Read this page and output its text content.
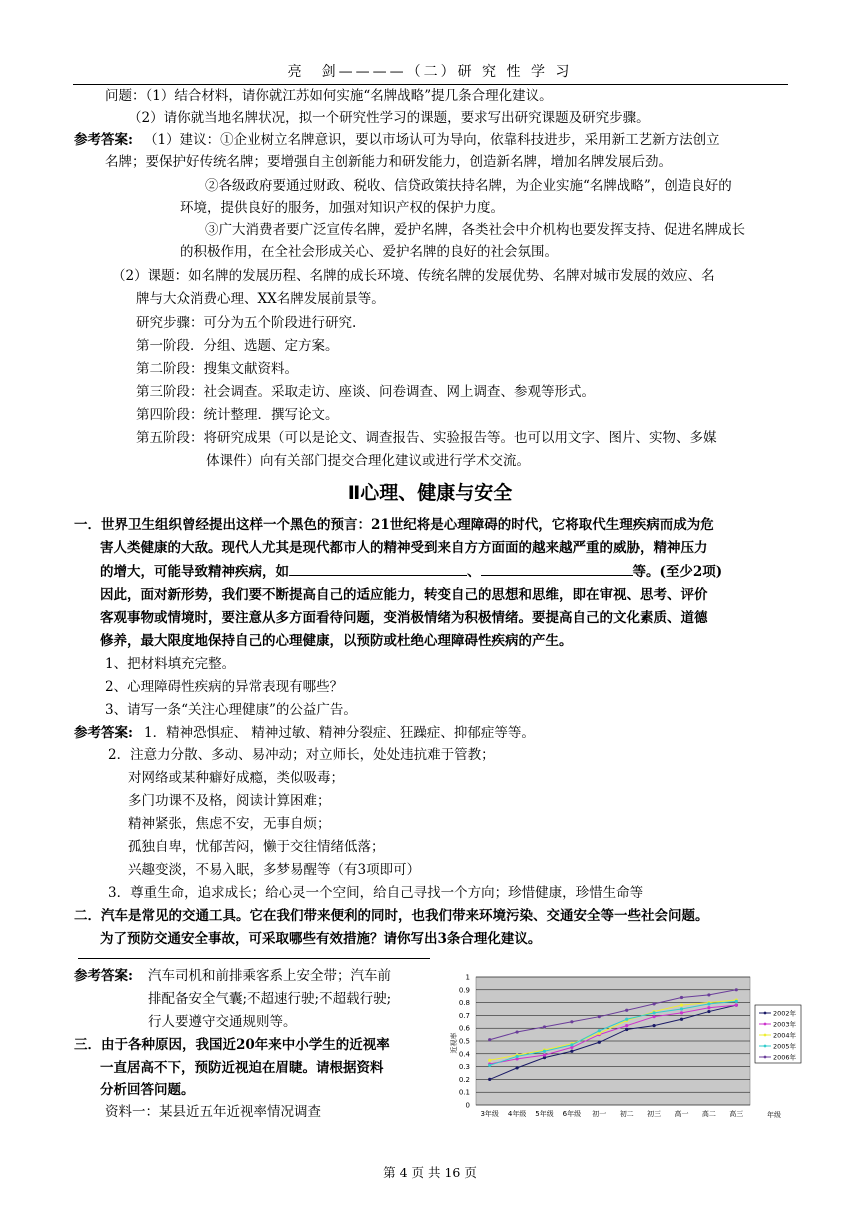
亮　剑————（二）研 究 性 学 习
问题：（1）结合材料，请你就江苏如何实施“名牌战略”提几条合理化建议。
（2）请你就当地名牌状况，拟一个研究性学习的课题，要求写出研究课题及研究步骤。
参考答案: （1）建议：①企业树立名牌意识，要以市场认可为导向，依靠科技进步，采用新工艺新方法创立
名牌；要保护好传统名牌；要增强自主创新能力和研发能力，创造新名牌，增加名牌发展后劲。
②各级政府要通过财政、税收、信贷政策扶持名牌，为企业实施“名牌战略”，创造良好的
环境，提供良好的服务，加强对知识产权的保护力度。
③广大消费者要广泛宣传名牌，爱护名牌，各类社会中介机构也要发挥支持、促进名牌成长
的积极作用，在全社会形成关心、爱护名牌的良好的社会氛围。
（2）课题：如名牌的发展历程、名牌的成长环境、传统名牌的发展优势、名牌对城市发展的效应、名
牌与大众消费心理、XX名牌发展前景等。
研究步骤：可分为五个阶段进行研究.
第一阶段．分组、选题、定方案。
第二阶段：搜集文献资料。
第三阶段：社会调查。采取走访、座谈、问卷调查、网上调查、参观等形式。
第四阶段：统计整理．撰写论文。
第五阶段：将研究成果（可以是论文、调查报告、实验报告等。也可以用文字、图片、实物、多媒
体课件）向有关部门提交合理化建议或进行学术交流。
Ⅱ心理、健康与安全
一．世界卫生组织曾经提出这样一个黑色的预言：21世纪将是心理障碍的时代，它将取代生理疾病而成为危
害人类健康的大敌。现代人尤其是现代都市人的精神受到来自方方面面的越来越严重的威胁，精神压力
的增大，可能导致精神疾病，如	、	等。(至少2项)
因此，面对新形势，我们要不断提高自己的适应能力，转变自己的思想和思维，即在审视、思考、评价
客观事物或情境时，要注意从多方面看待问题，变消极情绪为积极情绪。要提高自己的文化素质、道德
修养，最大限度地保持自己的心理健康，以预防或杜绝心理障碍性疾病的产生。
1、把材料填充完整。
2、心理障碍性疾病的异常表现有哪些？
3、请写一条“关注心理健康”的公益广告。
参考答案: 1．精神恐惧症、 精神过敏、精神分裂症、狂躁症、抑郁症等等。
2．注意力分散、多动、易冲动；对立师长，处处违抗难于管教；
对网络或某种癖好成瘾，类似吸毒；
多门功课不及格，阅读计算困难；
精神紧张，焦虑不安，无事自烦；
孤独自卑，忧郁苦闷，懒于交往情绪低落；
兴趣变淡，不易入眠，多梦易醒等（有3项即可）
3．尊重生命，追求成长；给心灵一个空间，给自己寻找一个方向；珍惜健康，珍惜生命等
二．汽车是常见的交通工具。它在我们带来便利的同时，也我们带来环境污染、交通安全等一些社会问题。
为了预防交通安全事故，可采取哪些有效措施？请你写出3条合理化建议。
参考答案: 汽车司机和前排乘客系上安全带；汽车前
排配备安全气囊;不超速行驶;不超载行驶;
行人要遵守交通规则等。
三．由于各种原因，我国近20年来中小学生的近视率
一直居高不下，预防近视迫在眉睫。请根据资料
分析回答问题。
资料一：某县近五年近视率情况调查	0
0.1
0.2
0.3
0.4
0.5
0.6
0.7
0.8
0.9
1
3年级 4年级 5年级 6年级 初一 初二 初三 高一 高二 高三
2002年
2003年
2004年
2005年
2006年
近视率
年级
第 4 页 共 16 页
